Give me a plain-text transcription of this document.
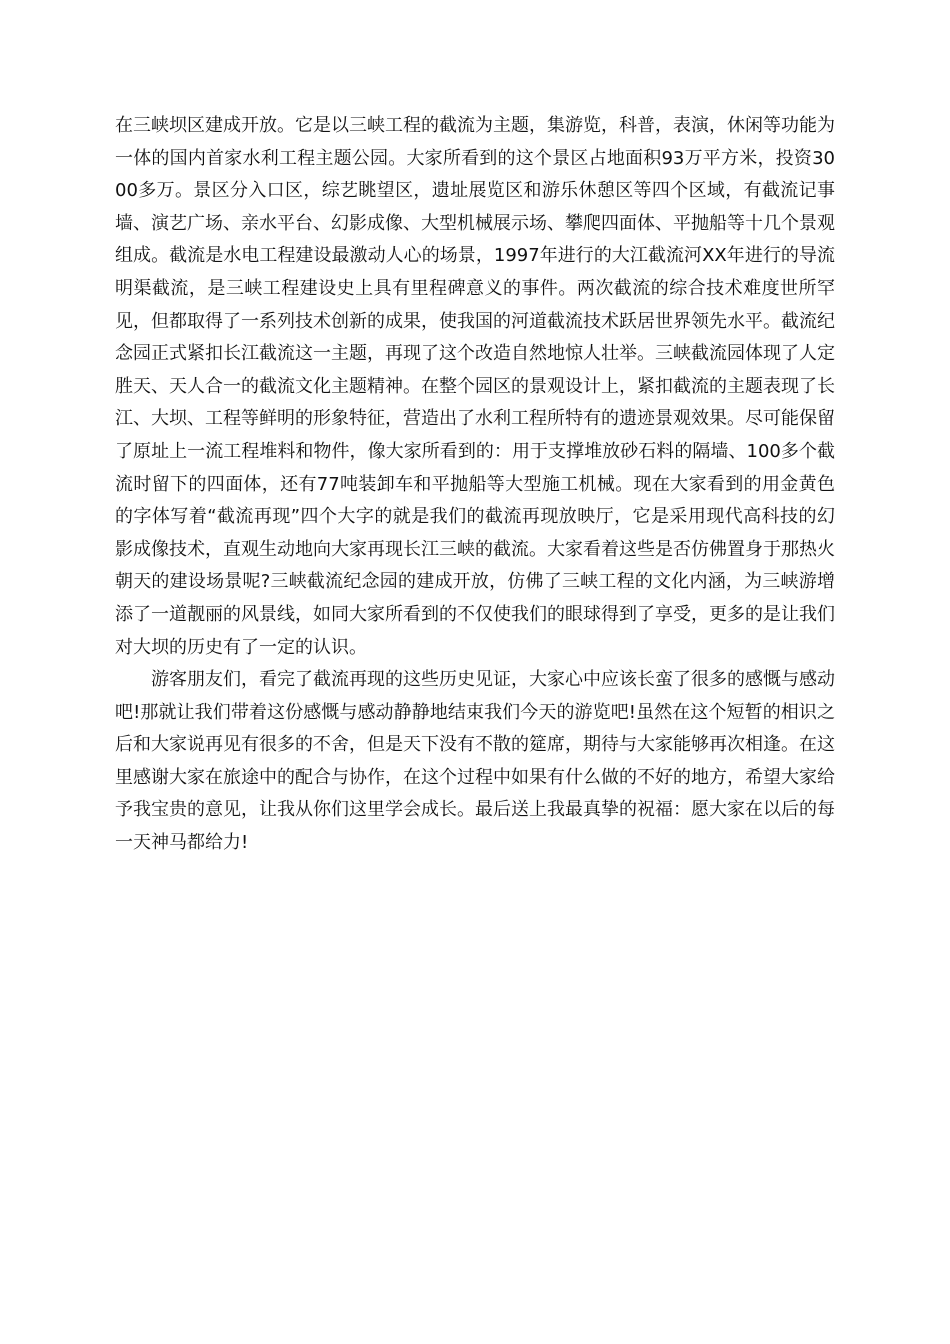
在三峡坝区建成开放。它是以三峡工程的截流为主题，集游览，科普，表演，休闲等功能为一体的国内首家水利工程主题公园。大家所看到的这个景区占地面积93万平方米，投资3000多万。景区分入口区，综艺眺望区，遗址展览区和游乐休憩区等四个区域，有截流记事墙、演艺广场、亲水平台、幻影成像、大型机械展示场、攀爬四面体、平抛船等十几个景观组成。截流是水电工程建设最激动人心的场景，1997年进行的大江截流河XX年进行的导流明渠截流，是三峡工程建设史上具有里程碑意义的事件。两次截流的综合技术难度世所罕见，但都取得了一系列技术创新的成果，使我国的河道截流技术跃居世界领先水平。截流纪念园正式紧扣长江截流这一主题，再现了这个改造自然地惊人壮举。三峡截流园体现了人定胜天、天人合一的截流文化主题精神。在整个园区的景观设计上，紧扣截流的主题表现了长江、大坝、工程等鲜明的形象特征，营造出了水利工程所特有的遗迹景观效果。尽可能保留了原址上一流工程堆料和物件，像大家所看到的：用于支撑堆放砂石料的隔墙、100多个截流时留下的四面体，还有77吨装卸车和平抛船等大型施工机械。现在大家看到的用金黄色的字体写着“截流再现”四个大字的就是我们的截流再现放映厅，它是采用现代高科技的幻影成像技术，直观生动地向大家再现长江三峡的截流。大家看着这些是否仿佛置身于那热火朝天的建设场景呢?三峡截流纪念园的建成开放，仿佛了三峡工程的文化内涵，为三峡游增添了一道靓丽的风景线，如同大家所看到的不仅使我们的眼球得到了享受，更多的是让我们对大坝的历史有了一定的认识。

游客朋友们，看完了截流再现的这些历史见证，大家心中应该长蛮了很多的感慨与感动吧!那就让我们带着这份感慨与感动静静地结束我们今天的游览吧!虽然在这个短暂的相识之后和大家说再见有很多的不舍，但是天下没有不散的筵席，期待与大家能够再次相逢。在这里感谢大家在旅途中的配合与协作，在这个过程中如果有什么做的不好的地方，希望大家给予我宝贵的意见，让我从你们这里学会成长。最后送上我最真挚的祝福：愿大家在以后的每一天神马都给力!
